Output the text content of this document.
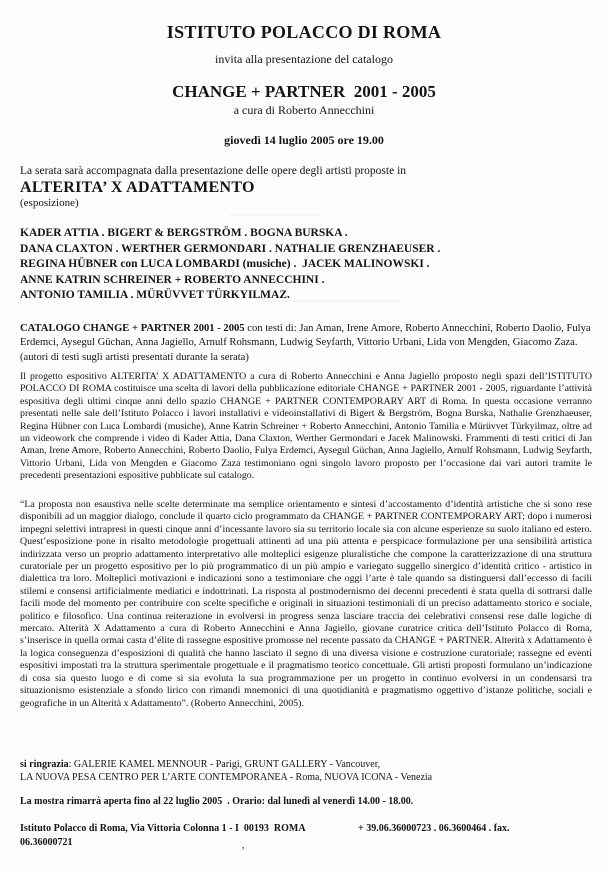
ISTITUTO POLACCO DI ROMA
invita alla presentazione del catalogo
CHANGE + PARTNER  2001 - 2005
a cura di Roberto Annecchini
giovedì 14 luglio 2005 ore 19.00
La serata sarà accompagnata dalla presentazione delle opere degli artisti proposte in
ALTERITA’ X ADATTAMENTO
(esposizione)
KADER ATTIA . BIGERT & BERGSTRÖM . BOGNA BURSKA .
DANA CLAXTON . WERTHER GERMONDARI . NATHALIE GRENZHAEUSER .
REGINA HÜBNER con LUCA LOMBARDI (musiche) .  JACEK MALINOWSKI .
ANNE KATRIN SCHREINER + ROBERTO ANNECCHINI .
ANTONIO TAMILIA . MÜRÜVVET TÜRKYILMAZ.
CATALOGO CHANGE + PARTNER 2001 - 2005 con testi di: Jan Aman, Irene Amore, Roberto Annecchini, Roberto Daolio, Fulya Erdemci, Aysegul Güchan, Anna Jagiello, Arnulf Rohsmann, Ludwig Seyfarth, Vittorio Urbani, Lida von Mengden, Giacomo Zaza. (autori di testi sugli artisti presentati durante la serata)
Il progetto espositivo ALTERITA’ X ADATTAMENTO a cura di Roberto Annecchini e Anna Jagiello proposto negli spazi dell’ISTITUTO POLACCO DI ROMA costituisce una scelta di lavori della pubblicazione editoriale CHANGE + PARTNER 2001 - 2005, riguardante l’attività espositiva degli ultimi cinque anni dello spazio CHANGE + PARTNER CONTEMPORARY ART di Roma. In questa occasione verranno presentati nelle sale dell’Istituto Polacco i lavori installativi e videoinstallativi di Bigert & Bergström, Bogna Burska, Nathalie Grenzhaeuser, Regina Hübner con Luca Lombardi (musiche), Anne Katrin Schreiner + Roberto Annecchini, Antonio Tamilia e Mürüvvet Türkyilmaz, oltre ad un videowork che comprende i video di Kader Attia, Dana Claxton, Werther Germondari e Jacek Malinowski. Frammenti di testi critici di Jan Aman, Irene Amore, Roberto Annecchini, Roberto Daolio, Fulya Erdemci, Aysegul Güchan, Anna Jagiello, Arnulf Rohsmann, Ludwig Seyfarth, Vittorio Urbani, Lida von Mengden e Giacomo Zaza testimoniano ogni singolo lavoro proposto per l’occasione dai vari autori tramite le precedenti presentazioni espositive pubblicate sul catalogo.
“La proposta non esaustiva nelle scelte determinate ma semplice orientamento e sintesi d’accostamento d’identità artistiche che si sono rese disponibili ad un maggior dialogo, conclude il quarto ciclo programmato da CHANGE + PARTNER CONTEMPORARY ART; dopo i numerosi impegni selettivi intrapresi in questi cinque anni d’incessante lavoro sia su territorio locale sia con alcune esperienze su suolo italiano ed estero. Quest’esposizione pone in risalto metodologie progettuali attinenti ad una più attenta e perspicace formulazione per una sensibilità artistica indirizzata verso un proprio adattamento interpretativo alle molteplici esigenze pluralistiche che compone la caratterizzazione di una struttura curatoriale per un progetto espositivo per lo più programmatico di un più ampio e variegato suggello sinergico d’identità critico - artistico in dialettica tra loro. Molteplici motivazioni e indicazioni sono a testimoniare che oggi l’arte è tale quando sa distinguersi dall’eccesso di facili stilemi e consensi artificialmente mediatici e indottrinati. La risposta al postmodernismo dei decenni precedenti è stata quella di sottrarsi dalle facili mode del momento per contribuire con scelte specifiche e originali in situazioni testimoniali di un preciso adattamento storico e sociale, politico e filosofico. Una continua reiterazione in evolversi in progress senza lasciare traccia dei celebrativi consensi rese dalle logiche di mercato. Alterità X Adattamento a cura di Roberto Annecchini e Anna Jagiello, giovane curatrice critica dell’Istituto Polacco di Roma, s’inserisce in quella ormai casta d’élite di rassegne espositive promosse nel recente passato da CHANGE + PARTNER. Alterità x Adattamento è la logica conseguenza d’esposizioni di qualità che hanno lasciato il segno di una diversa visione e costruzione curatoriale; rassegne ed eventi espositivi impostati tra la struttura sperimentale progettuale e il pragmatismo teorico concettuale. Gli artisti proposti formulano un’indicazione di cosa sia questo luogo e di come si sia evoluta la sua programmazione per un progetto in continuo evolversi in un condensarsi tra situazionismo esistenziale a sfondo lirico con rimandi mnemonici di una quotidianità e pragmatismo oggettivo d’istanze politiche, sociali e geografiche in un Alterità x Adattamento”. (Roberto Annecchini, 2005).
si ringrazia: GALERIE KAMEL MENNOUR - Parigi, GRUNT GALLERY - Vancouver,
LA NUOVA PESA CENTRO PER L’ARTE CONTEMPORANEA - Roma, NUOVA ICONA - Venezia
La mostra rimarrà aperta fino al 22 luglio 2005  . Orario: dal lunedì al venerdì 14.00 - 18.00.
Istituto Polacco di Roma, Via Vittoria Colonna 1 - I  00193  ROMA	+ 39.06.36000723 . 06.3600464 . fax.
06.36000721	,
